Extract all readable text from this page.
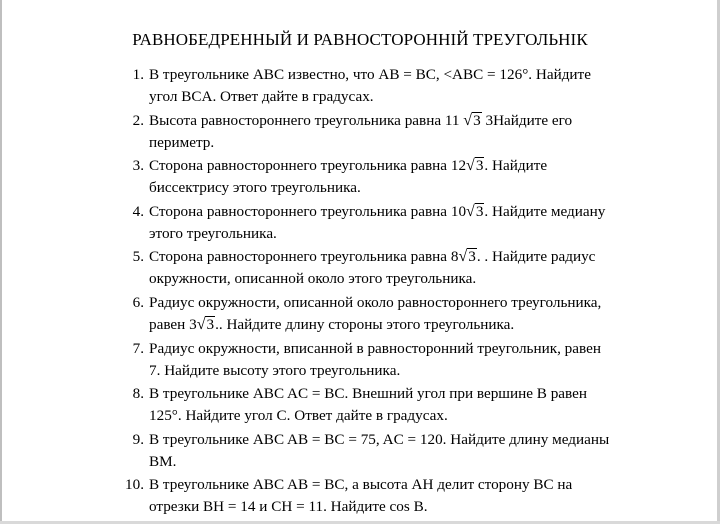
РАВНОБЕДРЕННЫЙ И РАВНОСТОРОННІЙ ТРЕУГОЛЬНIК
1. В треугольнике ABC известно, что AB = BC, <ABC = 126°. Найдите
угол BCA. Ответ дайте в градусах.
2. Высота равностороннего треугольника равна 11 √3 3Найдите его
периметр.
3. Сторона равностороннего треугольника равна 12√3. Найдите
биссектрису этого треугольника.
4. Сторона равностороннего треугольника равна 10√3. Найдите медиану
этого треугольника.
5. Сторона равностороннего треугольника равна 8√3. . Найдите радиус
окружности, описанной около этого треугольника.
6. Радиус окружности, описанной около равностороннего треугольника,
равен 3√3.. Найдите длину стороны этого треугольника.
7. Радиус окружности, вписанной в равносторонний треугольник, равен
7. Найдите высоту этого треугольника.
8. В треугольнике ABC AC = BC. Внешний угол при вершине B равен
125°. Найдите угол C. Ответ дайте в градусах.
9. В треугольнике ABC AB = BC = 75, AC = 120. Найдите длину медианы
BM.
10. В треугольнике ABC AB = BC, а высота AH делит сторону BC на
отрезки BH = 14 и CH = 11. Найдите cos B.
